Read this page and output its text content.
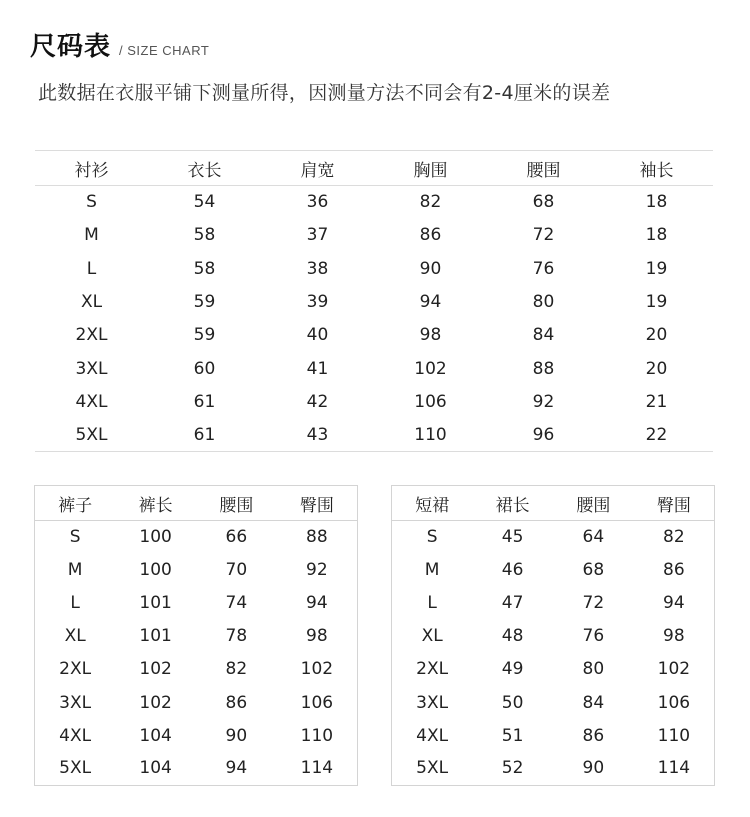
尺码表 / SIZE CHART
此数据在衣服平铺下测量所得，因测量方法不同会有2-4厘米的误差
衬衫	衣长	肩宽	胸围	腰围	袖长
S	54	36	82	68	18
M	58	37	86	72	18
L	58	38	90	76	19
XL	59	39	94	80	19
2XL	59	40	98	84	20
3XL	60	41	102	88	20
4XL	61	42	106	92	21
5XL	61	43	110	96	22
裤子	裤长	腰围	臀围
S	100	66	88
M	100	70	92
L	101	74	94
XL	101	78	98
2XL	102	82	102
3XL	102	86	106
4XL	104	90	110
5XL	104	94	114
短裙	裙长	腰围	臀围
S	45	64	82
M	46	68	86
L	47	72	94
XL	48	76	98
2XL	49	80	102
3XL	50	84	106
4XL	51	86	110
5XL	52	90	114
